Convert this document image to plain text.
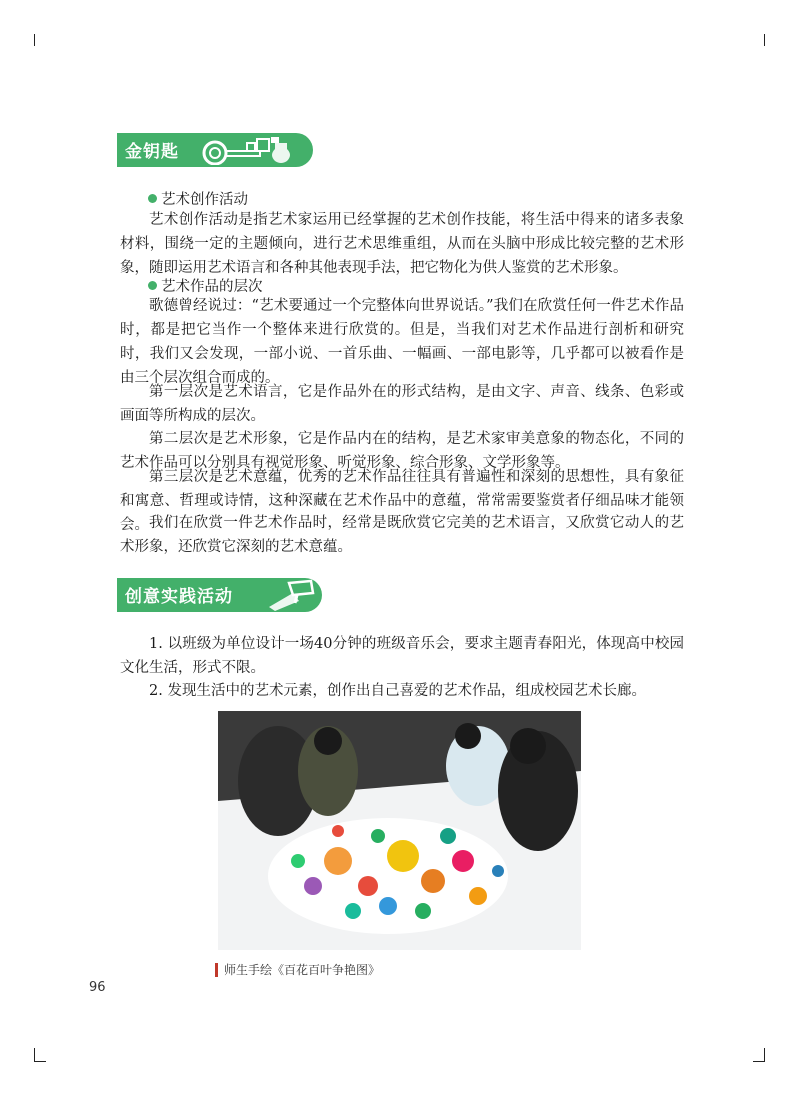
金钥匙
艺术创作活动

艺术创作活动是指艺术家运用已经掌握的艺术创作技能，将生活中得来的诸多表象材料，围绕一定的主题倾向，进行艺术思维重组，从而在头脑中形成比较完整的艺术形象，随即运用艺术语言和各种其他表现手法，把它物化为供人鉴赏的艺术形象。

艺术作品的层次

歌德曾经说过：“艺术要通过一个完整体向世界说话。”我们在欣赏任何一件艺术作品时，都是把它当作一个整体来进行欣赏的。但是，当我们对艺术作品进行剖析和研究时，我们又会发现，一部小说、一首乐曲、一幅画、一部电影等，几乎都可以被看作是由三个层次组合而成的。

第一层次是艺术语言，它是作品外在的形式结构，是由文字、声音、线条、色彩或画面等所构成的层次。

第二层次是艺术形象，它是作品内在的结构，是艺术家审美意象的物态化，不同的艺术作品可以分别具有视觉形象、听觉形象、综合形象、文学形象等。

第三层次是艺术意蕴，优秀的艺术作品往往具有普遍性和深刻的思想性，具有象征和寓意、哲理或诗情，这种深藏在艺术作品中的意蕴，常常需要鉴赏者仔细品味才能领会。 我们在欣赏一件艺术作品时，经常是既欣赏它完美的艺术语言，又欣赏它动人的艺术形象，还欣赏它深刻的艺术意蕴。

创意实践活动

1. 以班级为单位设计一场40分钟的班级音乐会，要求主题青春阳光，体现高中校园文化生活，形式不限。

2. 发现生活中的艺术元素，创作出自己喜爱的艺术作品，组成校园艺术长廊。

师生手绘《百花百叶争艳图》
96
